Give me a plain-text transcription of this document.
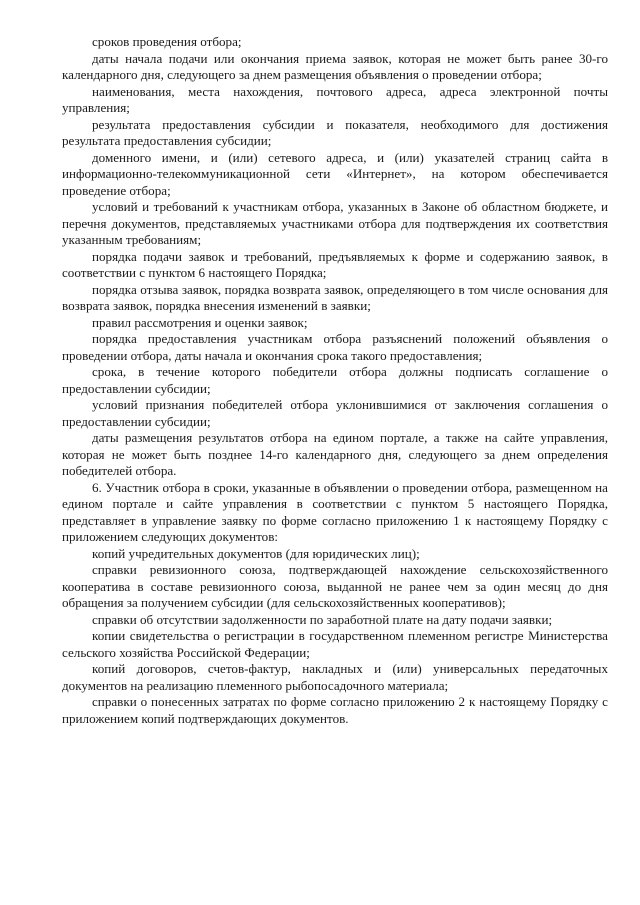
сроков проведения отбора;

даты начала подачи или окончания приема заявок, которая не может быть ранее 30-го календарного дня, следующего за днем размещения объявления о проведении отбора;

наименования, места нахождения, почтового адреса, адреса электронной почты управления;

результата предоставления субсидии и показателя, необходимого для достижения результата предоставления субсидии;

доменного имени, и (или) сетевого адреса, и (или) указателей страниц сайта в информационно-телекоммуникационной сети «Интернет», на котором обеспечивается проведение отбора;

условий и требований к участникам отбора, указанных в Законе об областном бюджете, и перечня документов, представляемых участниками отбора для подтверждения их соответствия указанным требованиям;

порядка подачи заявок и требований, предъявляемых к форме и содержанию заявок, в соответствии с пунктом 6 настоящего Порядка;

порядка отзыва заявок, порядка возврата заявок, определяющего в том числе основания для возврата заявок, порядка внесения изменений в заявки;

правил рассмотрения и оценки заявок;

порядка предоставления участникам отбора разъяснений положений объявления о проведении отбора, даты начала и окончания срока такого предоставления;

срока, в течение которого победители отбора должны подписать соглашение о предоставлении субсидии;

условий признания победителей отбора уклонившимися от заключения соглашения о предоставлении субсидии;

даты размещения результатов отбора на едином портале, а также на сайте управления, которая не может быть позднее 14-го календарного дня, следующего за днем определения победителей отбора.

6. Участник отбора в сроки, указанные в объявлении о проведении отбора, размещенном на едином портале и сайте управления в соответствии с пунктом 5 настоящего Порядка, представляет в управление заявку по форме согласно приложению 1 к настоящему Порядку с приложением следующих документов:

копий учредительных документов (для юридических лиц);

справки ревизионного союза, подтверждающей нахождение сельскохозяйственного кооператива в составе ревизионного союза, выданной не ранее чем за один месяц до дня обращения за получением субсидии (для сельскохозяйственных кооперативов);

справки об отсутствии задолженности по заработной плате на дату подачи заявки;

копии свидетельства о регистрации в государственном племенном регистре Министерства сельского хозяйства Российской Федерации;

копий договоров, счетов-фактур, накладных и (или) универсальных передаточных документов на реализацию племенного рыбопосадочного материала;

справки о понесенных затратах по форме согласно приложению 2 к настоящему Порядку с приложением копий подтверждающих документов.
